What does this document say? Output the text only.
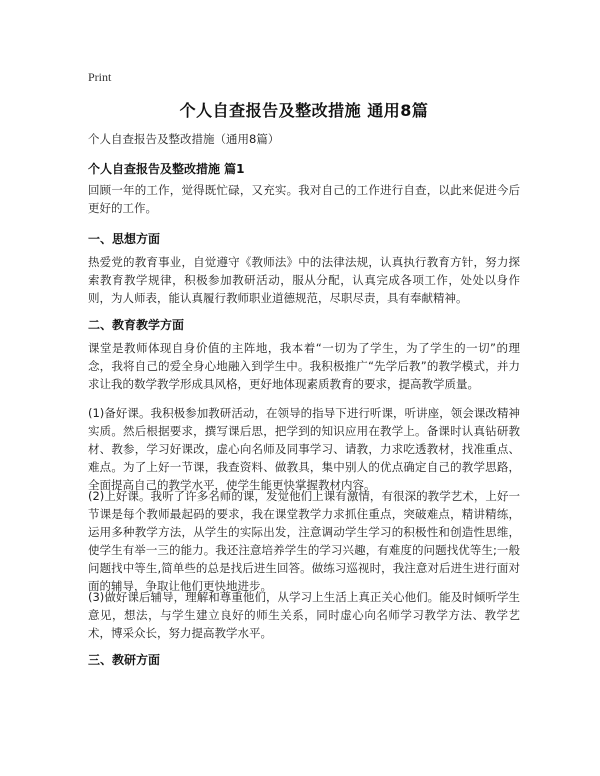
Print
个人自查报告及整改措施 通用8篇
个人自查报告及整改措施（通用8篇）
个人自查报告及整改措施 篇1
回顾一年的工作，觉得既忙碌，又充实。我对自己的工作进行自查，以此来促进今后更好的工作。
一、思想方面
热爱党的教育事业，自觉遵守《教师法》中的法律法规，认真执行教育方针，努力探索教育教学规律，积极参加教研活动，服从分配，认真完成各项工作，处处以身作则，为人师表，能认真履行教师职业道德规范，尽职尽责，具有奉献精神。
二、教育教学方面
课堂是教师体现自身价值的主阵地，我本着“一切为了学生，为了学生的一切”的理念，我将自己的爱全身心地融入到学生中。我积极推广“先学后教”的教学模式，并力求让我的数学教学形成具风格，更好地体现素质教育的要求，提高教学质量。
(1)备好课。我积极参加教研活动，在领导的指导下进行听课，听讲座，领会课改精神实质。然后根据要求，撰写课后思，把学到的知识应用在教学上。备课时认真钻研教材、教参，学习好课改，虚心向名师及同事学习、请教，力求吃透教材，找准重点、难点。为了上好一节课，我查资料、做教具，集中别人的优点确定自己的教学思路，全面提高自己的教学水平，使学生能更快掌握教材内容。
(2)上好课。我听了许多名师的课，发觉他们上课有激情，有很深的教学艺术，上好一节课是每个教师最起码的要求，我在课堂教学力求抓住重点，突破难点，精讲精练，运用多种教学方法，从学生的实际出发，注意调动学生学习的积极性和创造性思维，使学生有举一三的能力。我还注意培养学生的学习兴趣，有难度的问题找优等生;一般问题找中等生,简单些的总是找后进生回答。做练习巡视时，我注意对后进生进行面对面的辅导，争取让他们更快地进步。
(3)做好课后辅导，理解和尊重他们，从学习上生活上真正关心他们。能及时倾听学生意见，想法，与学生建立良好的师生关系，同时虚心向名师学习教学方法、教学艺术，博采众长，努力提高教学水平。
三、教研方面
